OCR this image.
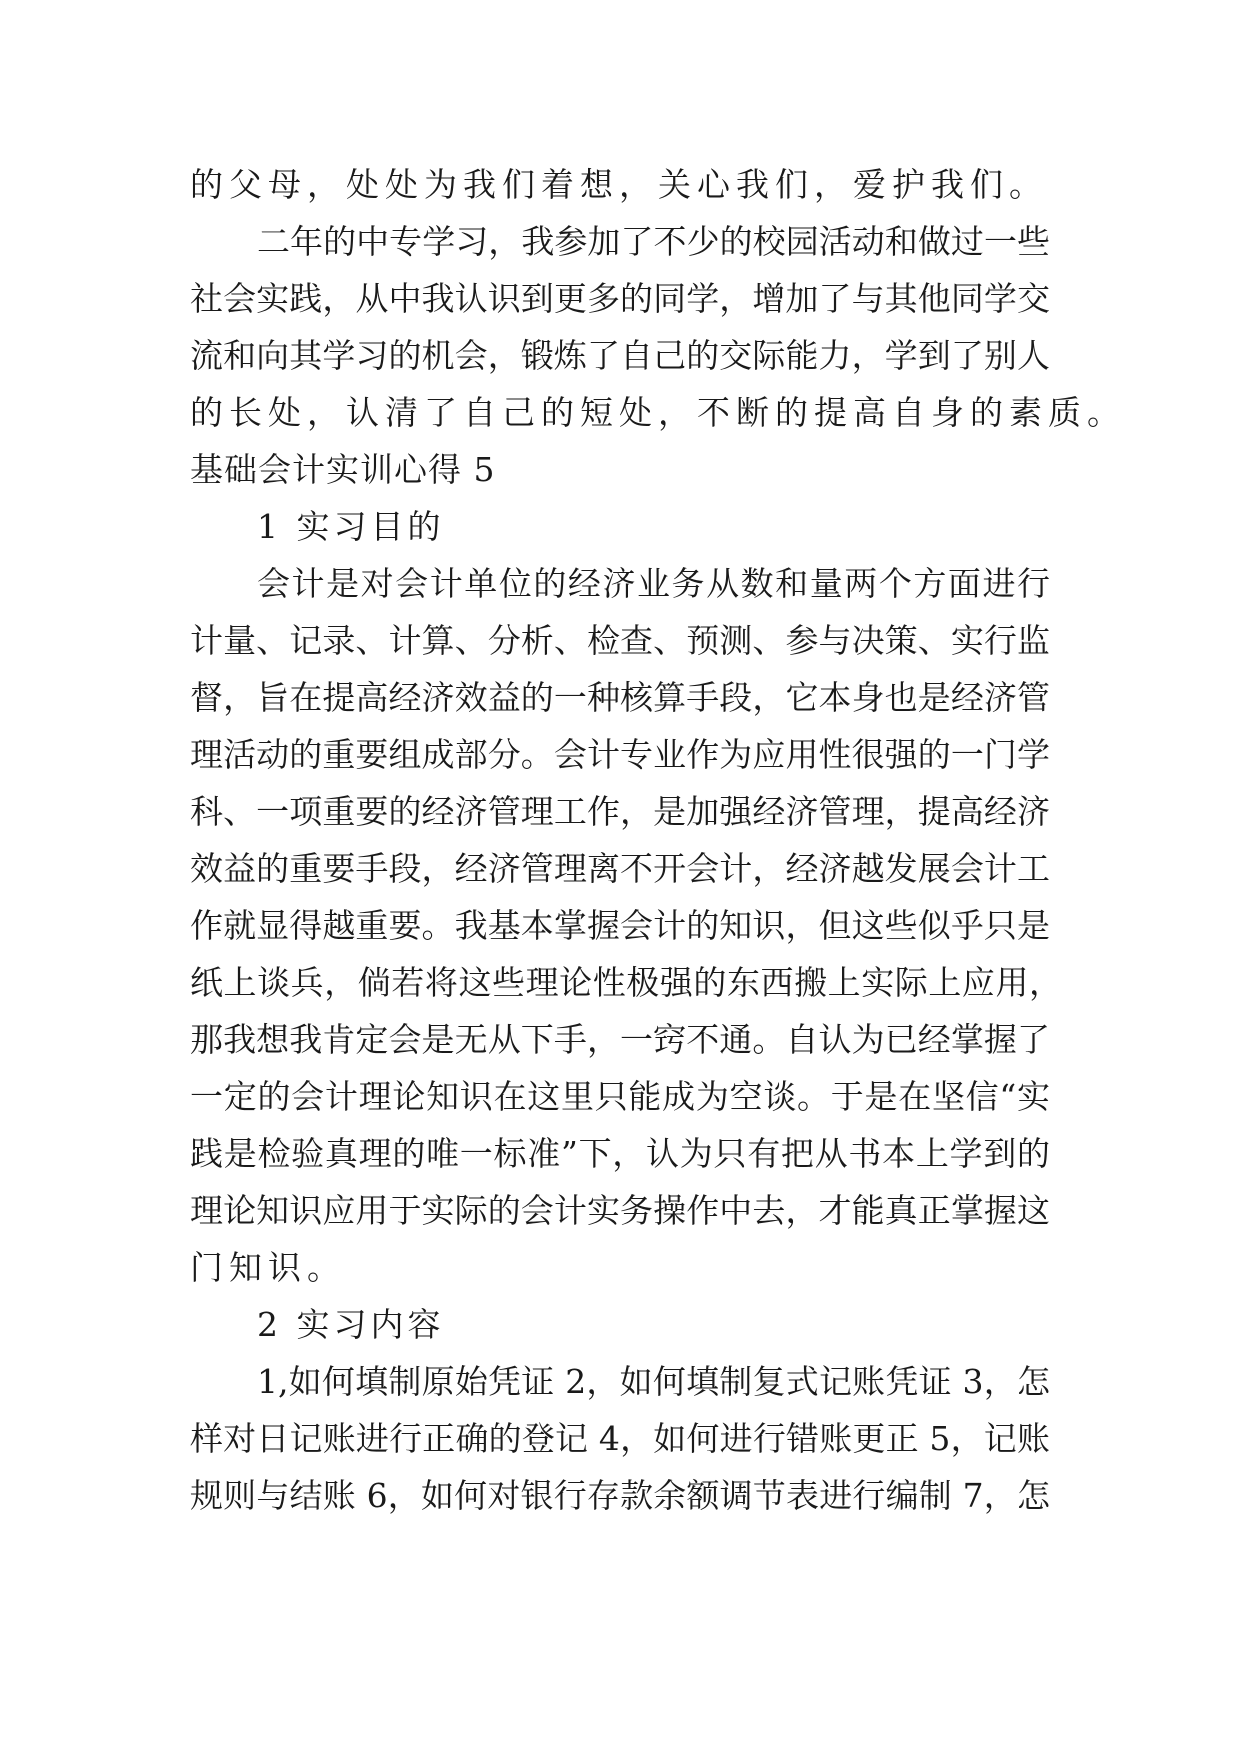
的父母，处处为我们着想，关心我们，爱护我们。
二年的中专学习，我参加了不少的校园活动和做过一些
社会实践，从中我认识到更多的同学，增加了与其他同学交
流和向其学习的机会，锻炼了自己的交际能力，学到了别人
的长处，认清了自己的短处，不断的提高自身的素质。
基础会计实训心得 5
1 实习目的
会计是对会计单位的经济业务从数和量两个方面进行
计量、记录、计算、分析、检查、预测、参与决策、实行监
督，旨在提高经济效益的一种核算手段，它本身也是经济管
理活动的重要组成部分。会计专业作为应用性很强的一门学
科、一项重要的经济管理工作，是加强经济管理，提高经济
效益的重要手段，经济管理离不开会计，经济越发展会计工
作就显得越重要。我基本掌握会计的知识，但这些似乎只是
纸上谈兵，倘若将这些理论性极强的东西搬上实际上应用，
那我想我肯定会是无从下手，一窍不通。自认为已经掌握了
一定的会计理论知识在这里只能成为空谈。于是在坚信“实
践是检验真理的唯一标准”下，认为只有把从书本上学到的
理论知识应用于实际的会计实务操作中去，才能真正掌握这
门知识。
2 实习内容
1,如何填制原始凭证 2，如何填制复式记账凭证 3，怎
样对日记账进行正确的登记 4，如何进行错账更正 5，记账
规则与结账 6，如何对银行存款余额调节表进行编制 7，怎
